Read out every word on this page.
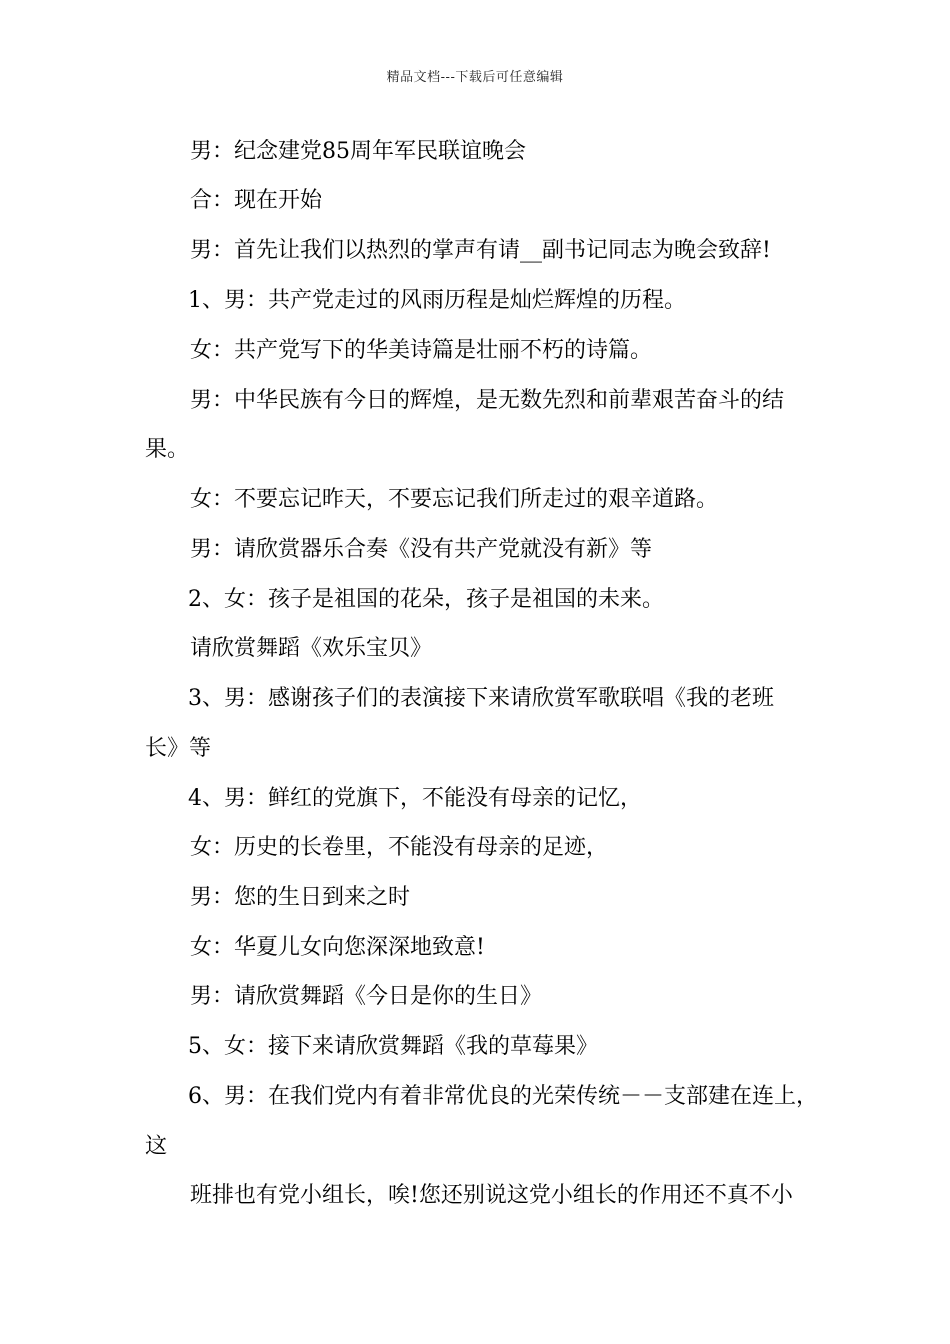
精品文档---下载后可任意编辑
男：纪念建党85周年军民联谊晚会
合：现在开始
男：首先让我们以热烈的掌声有请__副书记同志为晚会致辞!
1、男：共产党走过的风雨历程是灿烂辉煌的历程。
女：共产党写下的华美诗篇是壮丽不朽的诗篇。
男：中华民族有今日的辉煌，是无数先烈和前辈艰苦奋斗的结
果。
女：不要忘记昨天，不要忘记我们所走过的艰辛道路。
男：请欣赏器乐合奏《没有共产党就没有新》等
2、女：孩子是祖国的花朵，孩子是祖国的未来。
请欣赏舞蹈《欢乐宝贝》
3、男：感谢孩子们的表演接下来请欣赏军歌联唱《我的老班
长》等
4、男：鲜红的党旗下，不能没有母亲的记忆，
女：历史的长卷里，不能没有母亲的足迹，
男：您的生日到来之时
女：华夏儿女向您深深地致意!
男：请欣赏舞蹈《今日是你的生日》
5、女：接下来请欣赏舞蹈《我的草莓果》
6、男：在我们党内有着非常优良的光荣传统－－支部建在连上，
这
班排也有党小组长，唉!您还别说这党小组长的作用还不真不小
